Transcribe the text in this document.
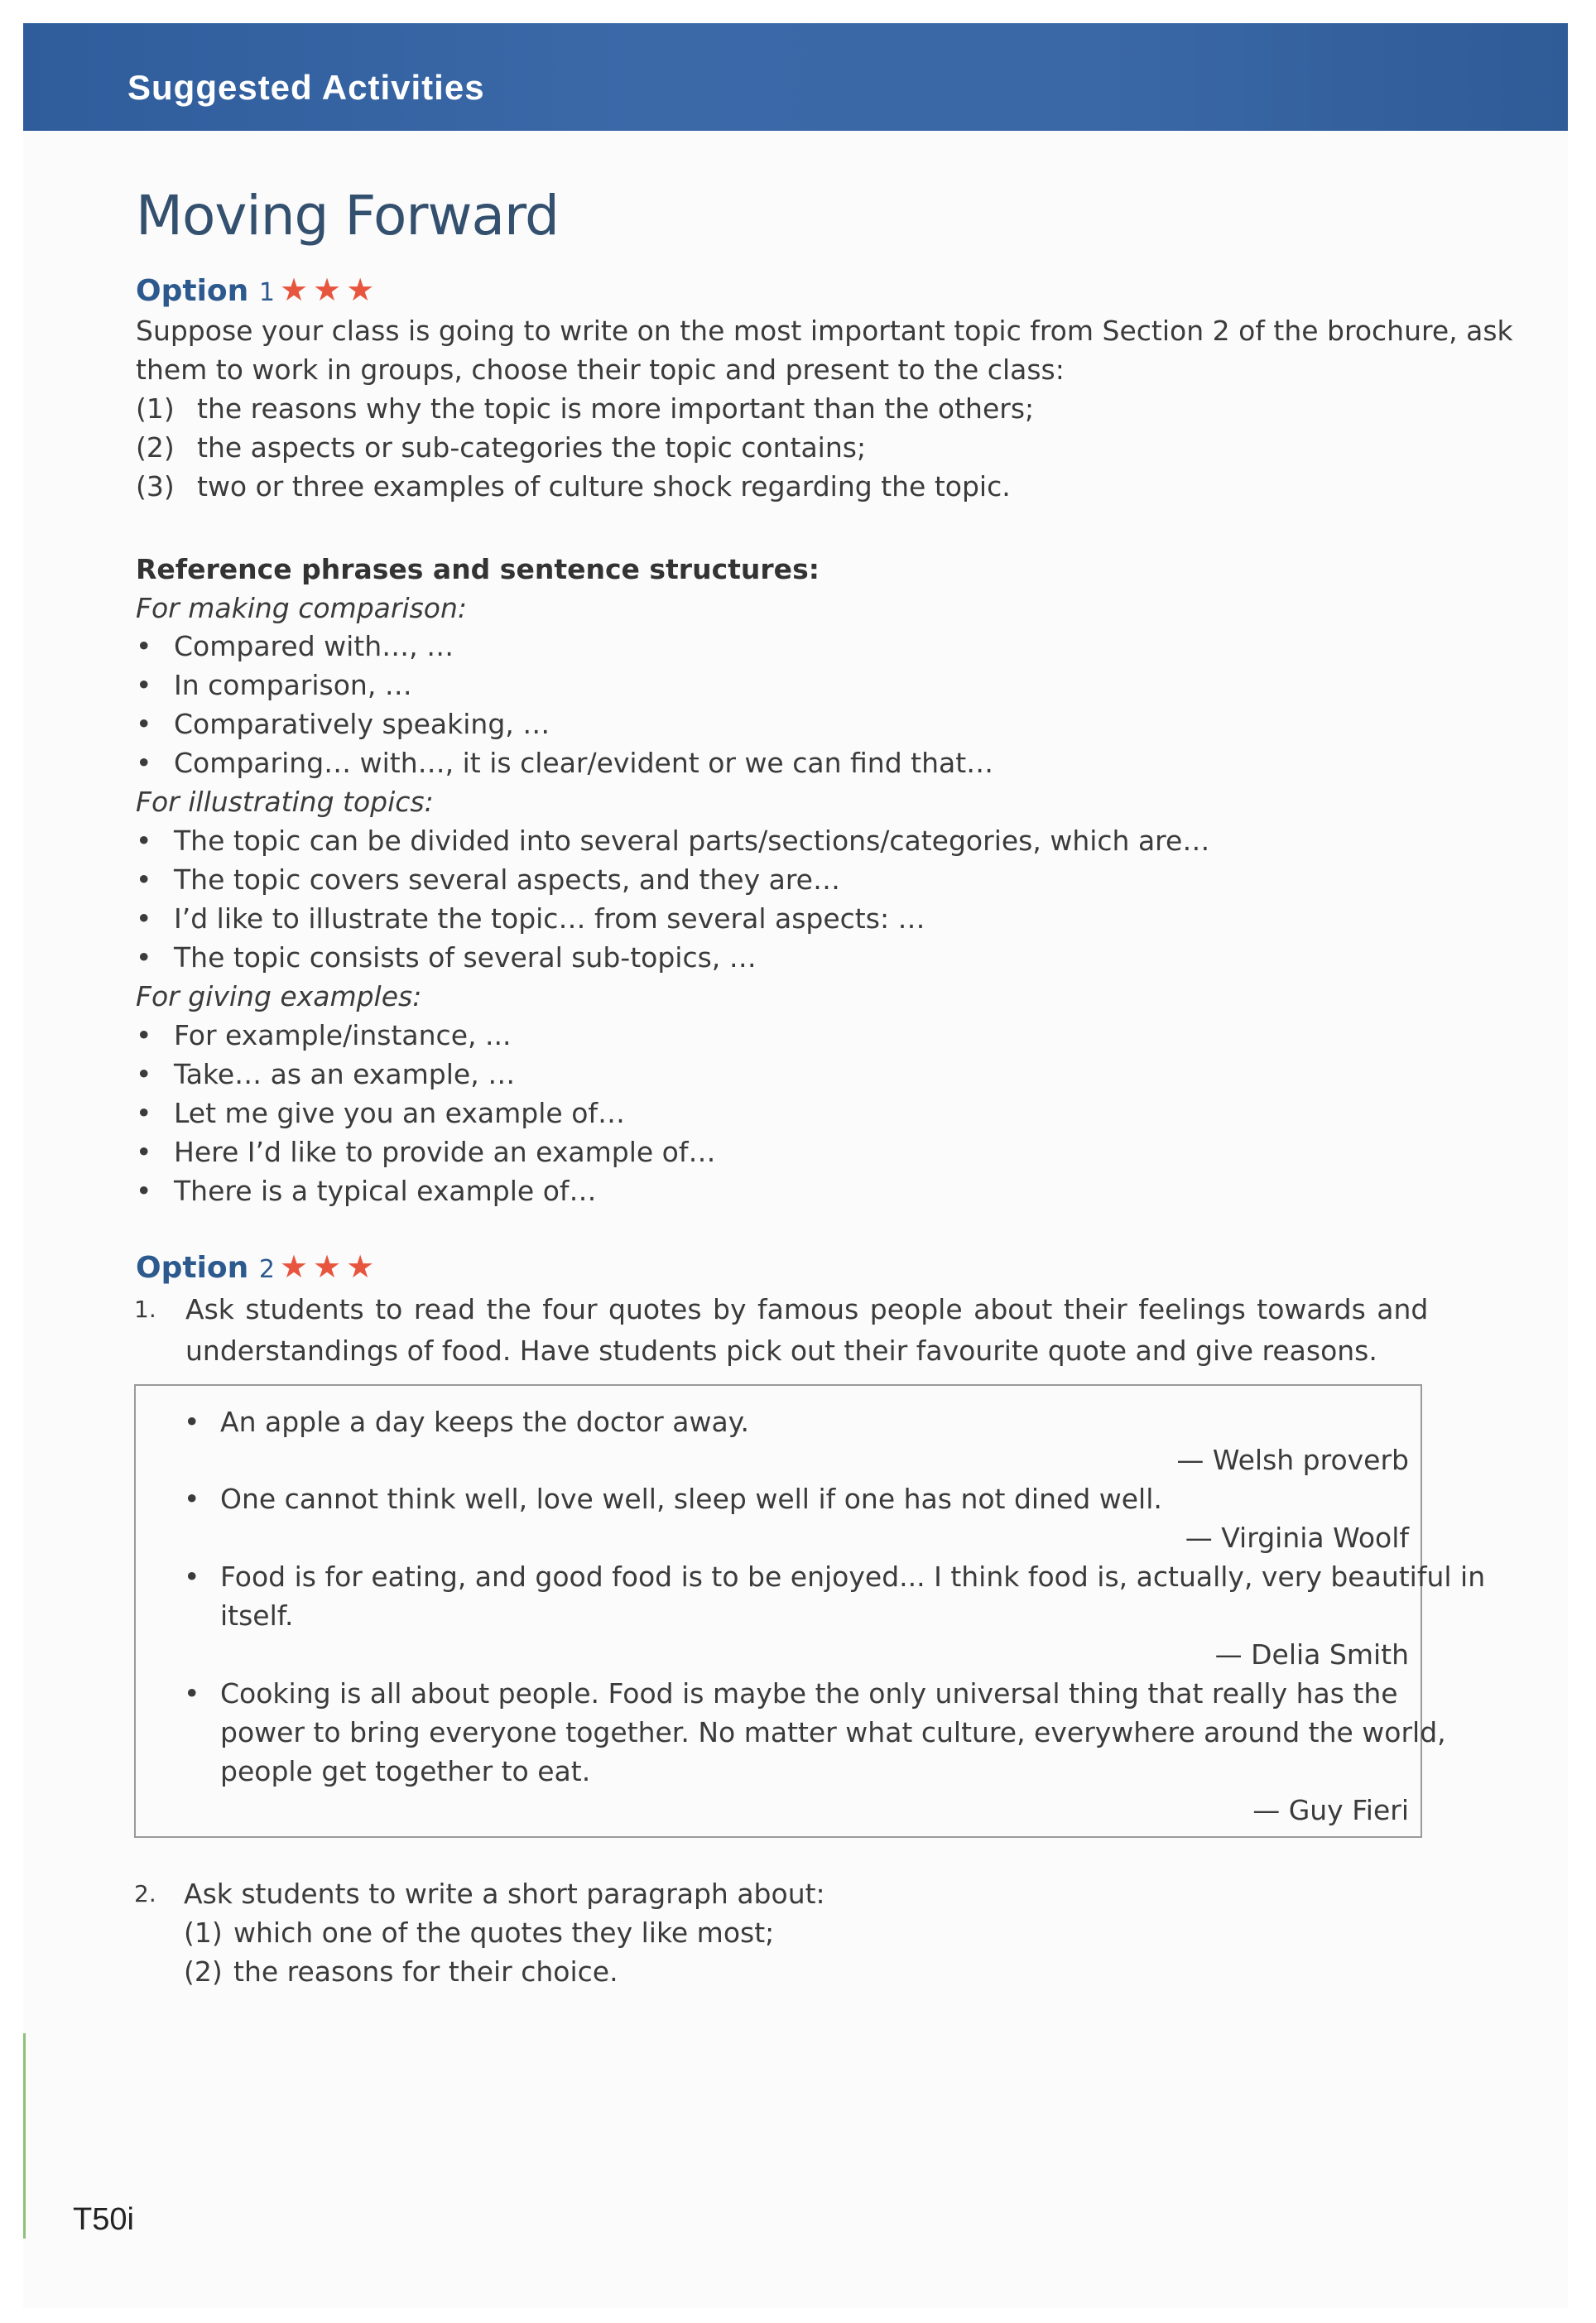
Suggested Activities
Moving Forward
Option 1 ★★★
Suppose your class is going to write on the most important topic from Section 2 of the brochure, ask
them to work in groups, choose their topic and present to the class:
(1) the reasons why the topic is more important than the others;
(2) the aspects or sub-categories the topic contains;
(3) two or three examples of culture shock regarding the topic.
Reference phrases and sentence structures:
For making comparison:
• Compared with…, …
• In comparison, …
• Comparatively speaking, …
• Comparing… with…, it is clear/evident or we can find that…
For illustrating topics:
• The topic can be divided into several parts/sections/categories, which are…
• The topic covers several aspects, and they are…
• I’d like to illustrate the topic… from several aspects: …
• The topic consists of several sub-topics, …
For giving examples:
• For example/instance, ...
• Take… as an example, …
• Let me give you an example of…
• Here I’d like to provide an example of…
• There is a typical example of…
Option 2 ★★★
1. Ask students to read the four quotes by famous people about their feelings towards and
understandings of food. Have students pick out their favourite quote and give reasons.
• An apple a day keeps the doctor away.
— Welsh proverb
• One cannot think well, love well, sleep well if one has not dined well.
— Virginia Woolf
• Food is for eating, and good food is to be enjoyed... I think food is, actually, very beautiful in
itself.
— Delia Smith
• Cooking is all about people. Food is maybe the only universal thing that really has the
power to bring everyone together. No matter what culture, everywhere around the world,
people get together to eat.
— Guy Fieri
2. Ask students to write a short paragraph about:
(1) which one of the quotes they like most;
(2) the reasons for their choice.
T50i
